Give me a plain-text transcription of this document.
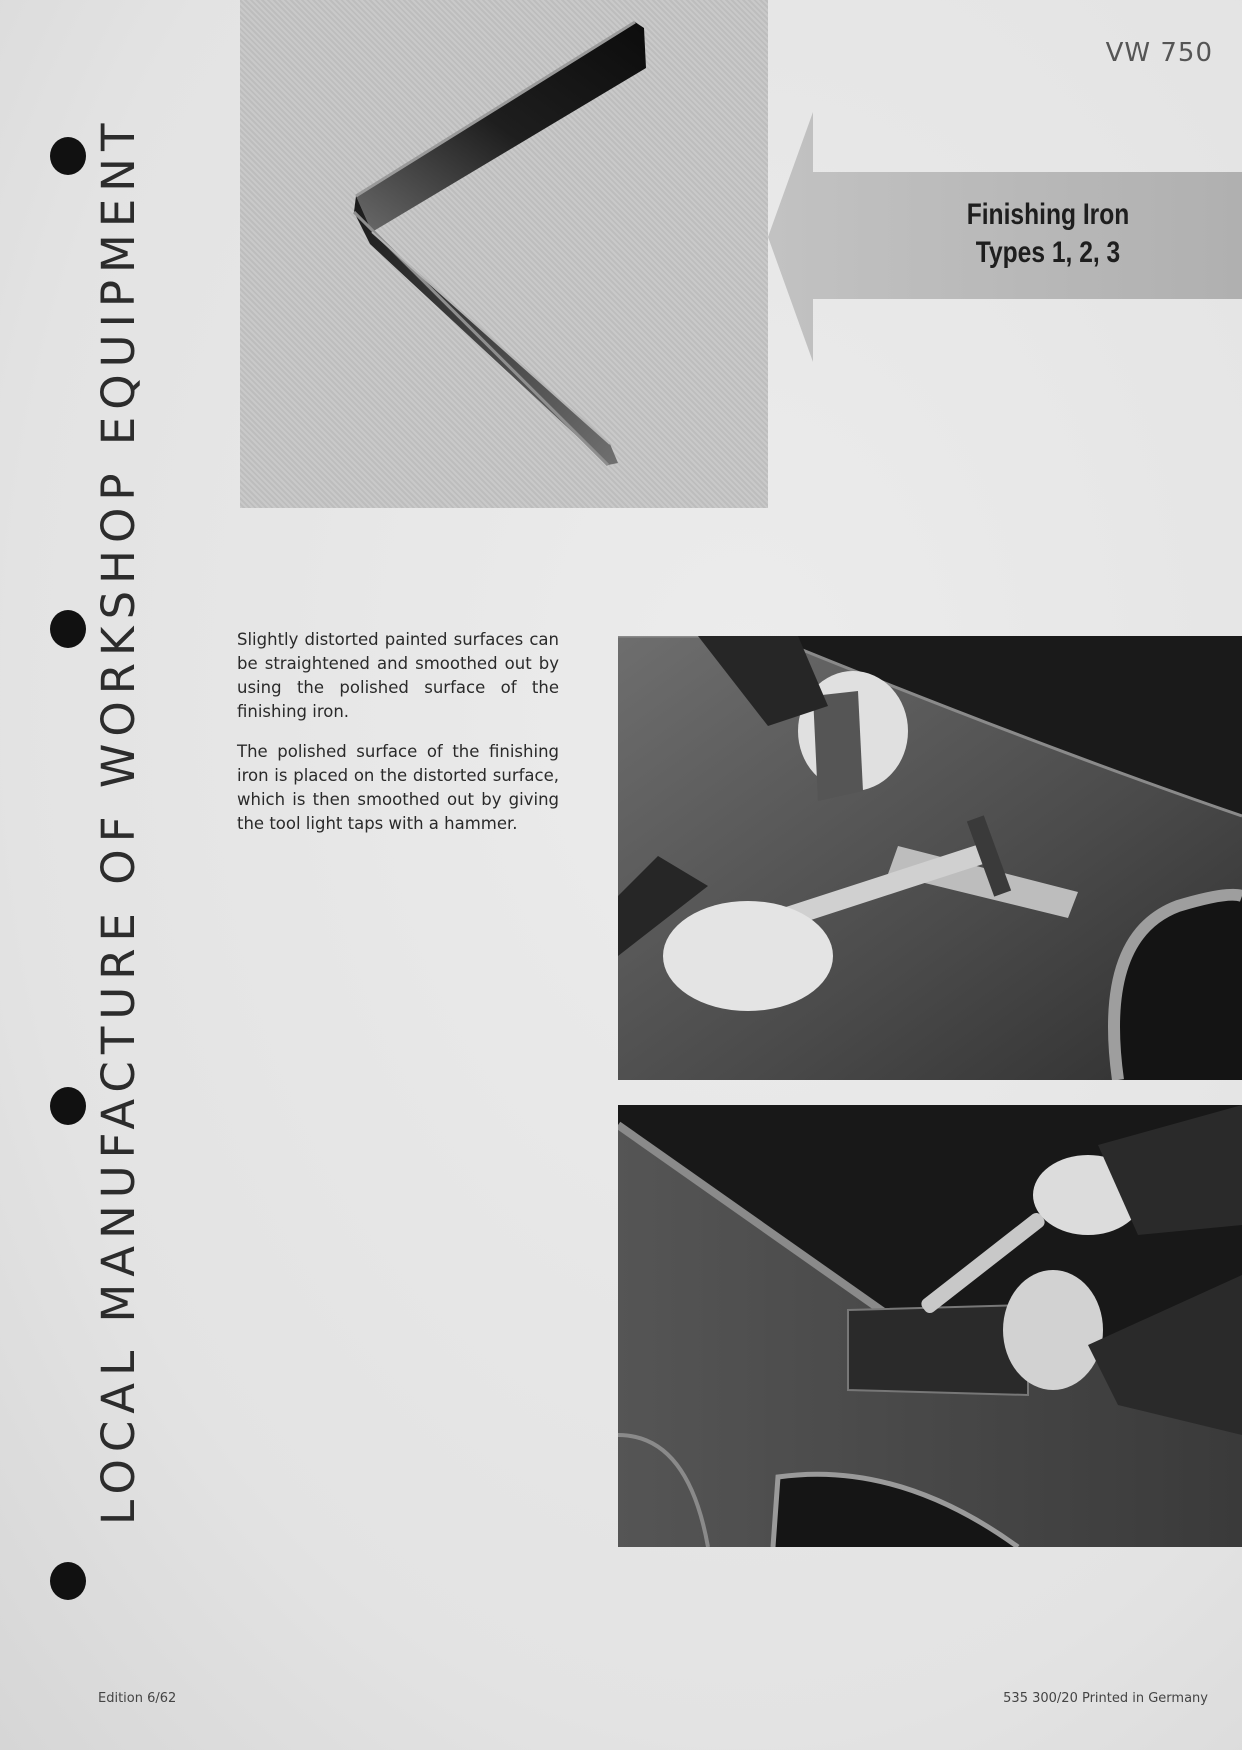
LOCAL MANUFACTURE OF WORKSHOP EQUIPMENT
VW 750
Finishing Iron
Types 1, 2, 3

Slightly distorted painted surfaces can be straightened and smoothed out by using the polished surface of the finishing iron.

The polished surface of the finishing iron is placed on the distorted surface, which is then smoothed out by giving the tool light taps with a hammer.

Edition 6/62	535 300/20 Printed in Germany
